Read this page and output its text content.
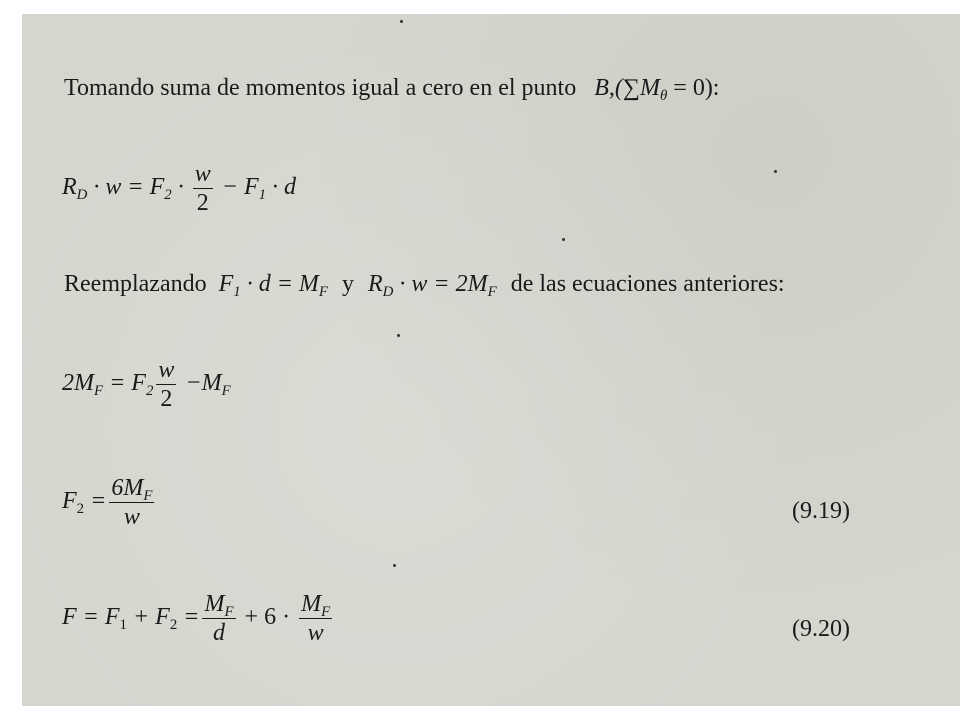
Tomando suma de momentos igual a cero en el punto $B,(\sum M_\theta = 0)$:
$R_D \cdot w = F_2 \cdot \frac{w}{2} - F_1 \cdot d$
Reemplazando $F_1 \cdot d = M_F$ y $R_D \cdot w = 2M_F$ de las ecuaciones anteriores:
$2M_F = F_2 \frac{w}{2} -M_F$
$F_2 = \frac{6M_F}{w}$	(9.19)
$F = F_1 + F_2 = \frac{M_F}{d} + 6 \cdot \frac{M_F}{w}$	(9.20)
